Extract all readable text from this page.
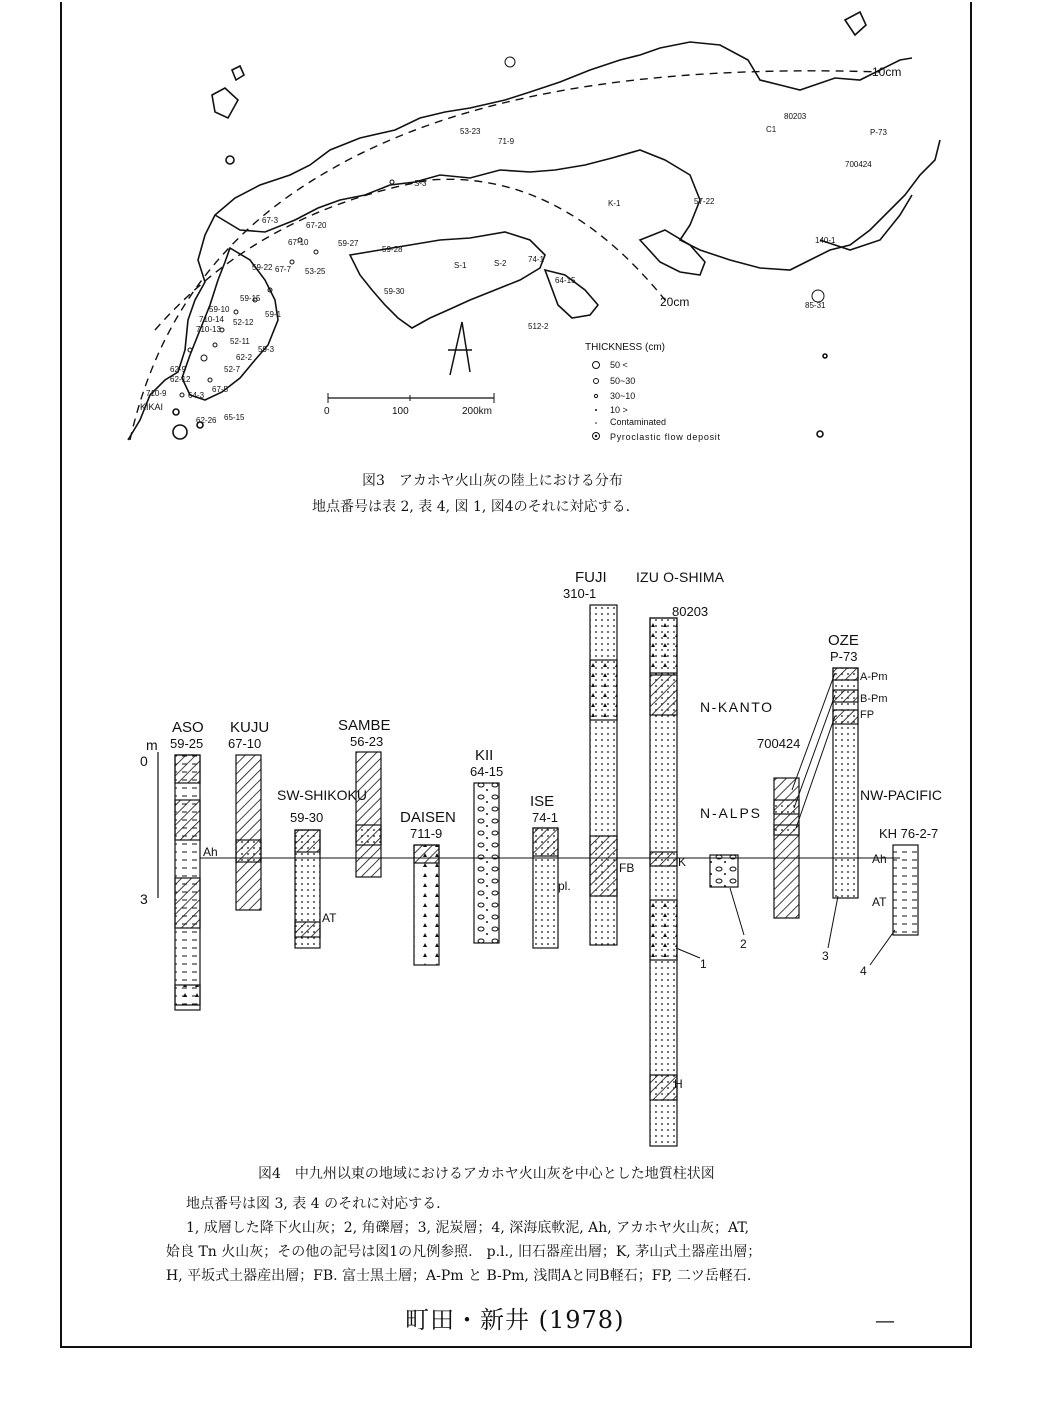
10cm
20cm
53-23
71-9
K-1	57-22
80203
C1	P-73
700424
140-1
85-31
S-3
67-3
67-20
67-10	59-27
59-28
67-7 53-25
59-22	S-1	S-2
64-15
74-1
59-30
59-10
59-15
59-1
710-14
710-13
52-12
52-11
59-3
62-2
52-7
62-9
62-12
64-3
67-5
710-9
62-26 65-15
512-2
KIKAI	0	100	200km
THICKNESS (cm)
50 <
50~30
30~10
10 >
Contaminated
Pyroclastic flow deposit
m
0
3
ASO
59-25
KUJU
67-10
SW-SHIKOKU
59-30
SAMBE
56-23
DAISEN
711-9
KII
64-15
ISE
74-1
FUJI
310-1
IZU O-SHIMA
80203
N-ALPS
N-KANTO
700424
OZE
P-73
NW-PACIFIC
KH 76-2-7
Ah
AT
pl.
FB	K
H
A-Pm
B-Pm
FP
Ah
AT
1
2
3
4
図3　アカホヤ火山灰の陸上における分布
地点番号は表 2, 表 4, 図 1, 図4のそれに対応する.
図4　中九州以東の地域におけるアカホヤ火山灰を中心とした地質柱状図
地点番号は図 3, 表 4 のそれに対応する.
1, 成層した降下火山灰；2, 角礫層；3, 泥炭層；4, 深海底軟泥, Ah, アカホヤ火山灰；AT,
姶良 Tn 火山灰；その他の記号は図1の凡例参照.　p.l., 旧石器産出層；K, 茅山式土器産出層；
H, 平坂式土器産出層；FB. 富士黒土層；A-Pm と B-Pm, 浅間Aと同B軽石；FP, 二ツ岳軽石.
町田・新井 (1978)	—
